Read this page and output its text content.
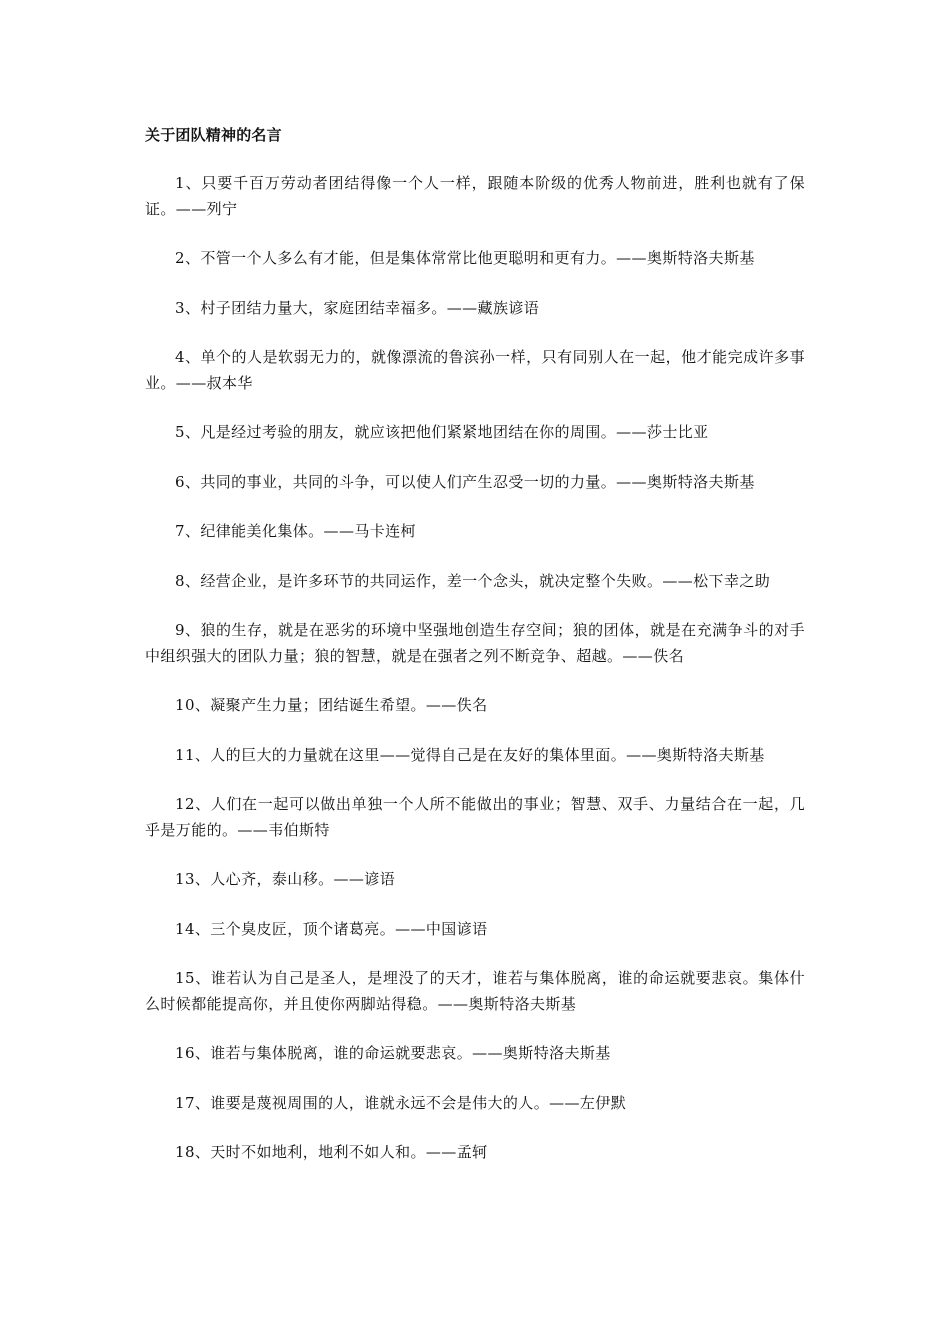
关于团队精神的名言

1、只要千百万劳动者团结得像一个人一样，跟随本阶级的优秀人物前进，胜利也就有了保证。——列宁

2、不管一个人多么有才能，但是集体常常比他更聪明和更有力。——奥斯特洛夫斯基

3、村子团结力量大，家庭团结幸福多。——藏族谚语

4、单个的人是软弱无力的，就像漂流的鲁滨孙一样，只有同别人在一起，他才能完成许多事业。——叔本华

5、凡是经过考验的朋友，就应该把他们紧紧地团结在你的周围。——莎士比亚

6、共同的事业，共同的斗争，可以使人们产生忍受一切的力量。——奥斯特洛夫斯基

7、纪律能美化集体。——马卡连柯

8、经营企业，是许多环节的共同运作，差一个念头，就决定整个失败。——松下幸之助

9、狼的生存，就是在恶劣的环境中坚强地创造生存空间；狼的团体，就是在充满争斗的对手中组织强大的团队力量；狼的智慧，就是在强者之列不断竞争、超越。——佚名

10、凝聚产生力量；团结诞生希望。——佚名

11、人的巨大的力量就在这里——觉得自己是在友好的集体里面。——奥斯特洛夫斯基

12、人们在一起可以做出单独一个人所不能做出的事业；智慧、双手、力量结合在一起，几乎是万能的。——韦伯斯特

13、人心齐，泰山移。——谚语

14、三个臭皮匠，顶个诸葛亮。——中国谚语

15、谁若认为自己是圣人，是埋没了的天才，谁若与集体脱离，谁的命运就要悲哀。集体什么时候都能提高你，并且使你两脚站得稳。——奥斯特洛夫斯基

16、谁若与集体脱离，谁的命运就要悲哀。——奥斯特洛夫斯基

17、谁要是蔑视周围的人，谁就永远不会是伟大的人。——左伊默

18、天时不如地利，地利不如人和。——孟轲
